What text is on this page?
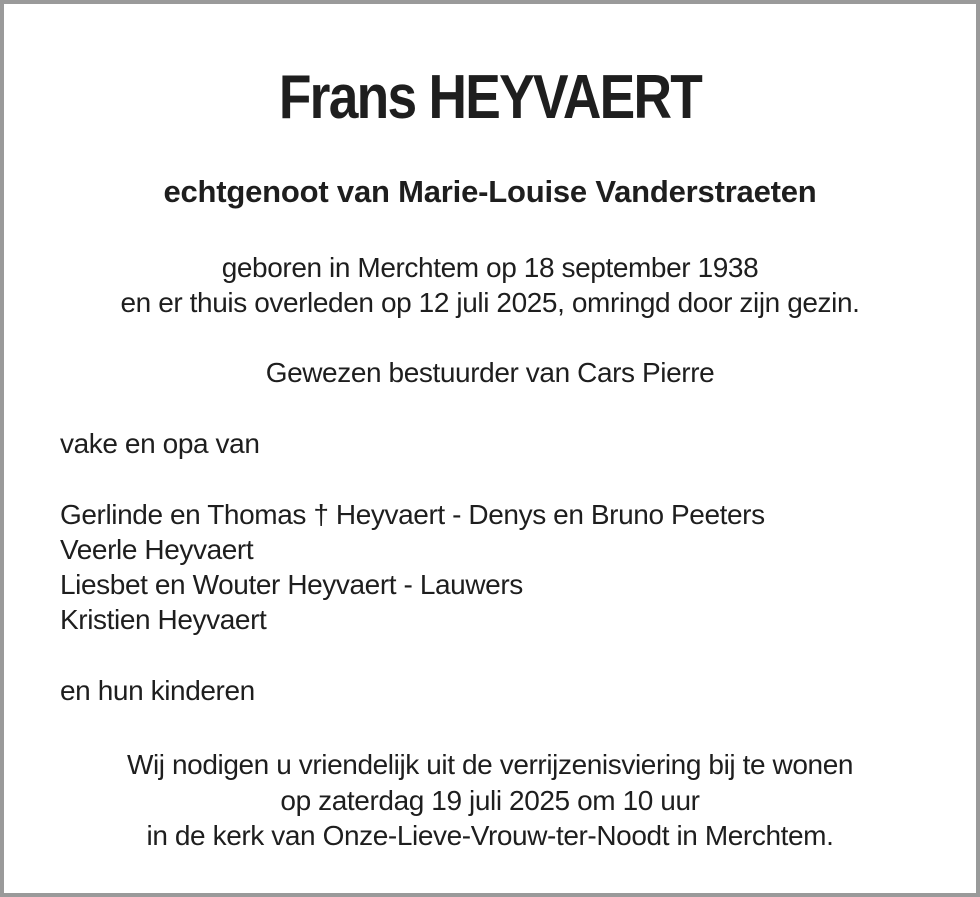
Frans HEYVAERT
echtgenoot van Marie-Louise Vanderstraeten
geboren in Merchtem op 18 september 1938
en er thuis overleden op 12 juli 2025, omringd door zijn gezin.
Gewezen bestuurder van Cars Pierre
vake en opa van
Gerlinde en Thomas † Heyvaert - Denys en Bruno Peeters
Veerle Heyvaert
Liesbet en Wouter Heyvaert - Lauwers
Kristien Heyvaert
en hun kinderen
Wij nodigen u vriendelijk uit de verrijzenisviering bij te wonen
op zaterdag 19 juli 2025 om 10 uur
in de kerk van Onze-Lieve-Vrouw-ter-Noodt in Merchtem.
